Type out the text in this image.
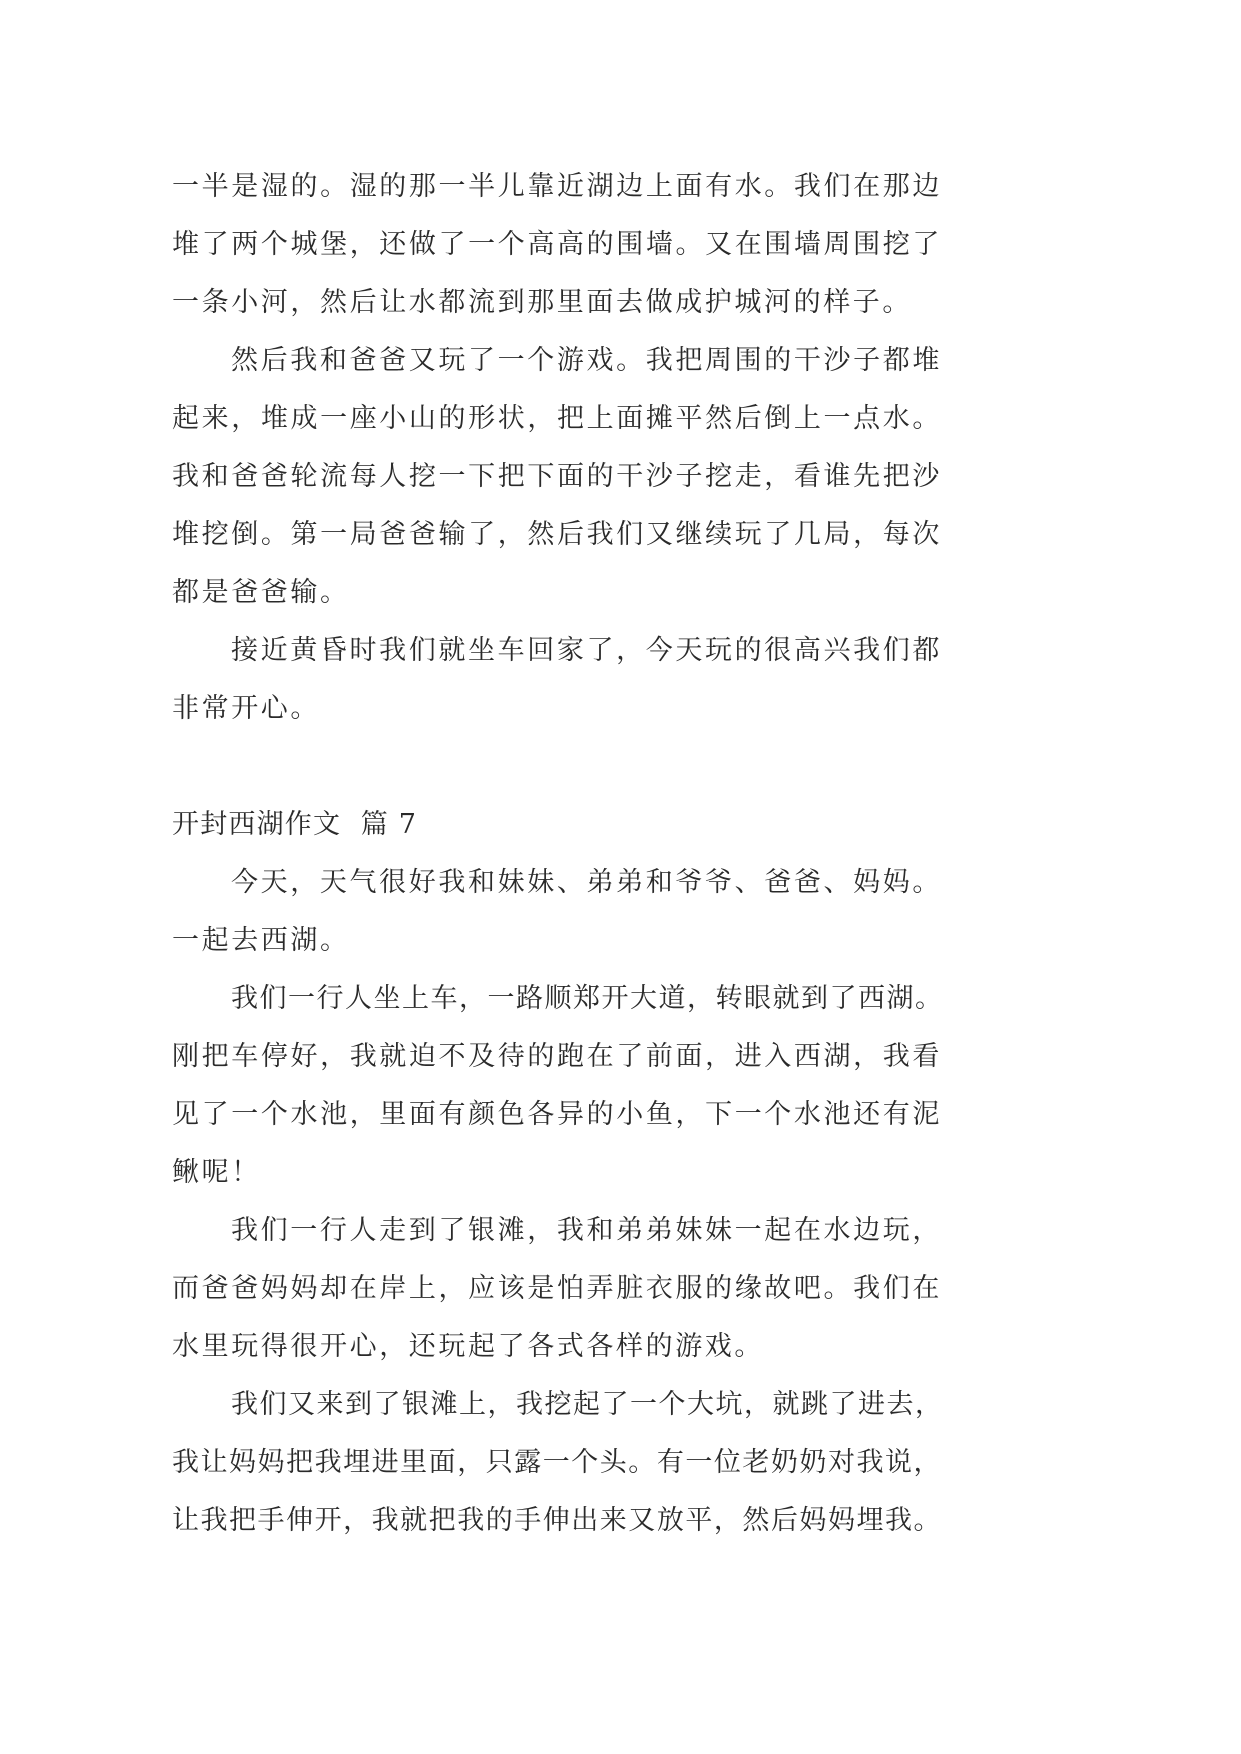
一半是湿的。湿的那一半儿靠近湖边上面有水。我们在那边
堆了两个城堡，还做了一个高高的围墙。又在围墙周围挖了
一条小河，然后让水都流到那里面去做成护城河的样子。
然后我和爸爸又玩了一个游戏。我把周围的干沙子都堆
起来，堆成一座小山的形状，把上面摊平然后倒上一点水。
我和爸爸轮流每人挖一下把下面的干沙子挖走，看谁先把沙
堆挖倒。第一局爸爸输了，然后我们又继续玩了几局，每次
都是爸爸输。
接近黄昏时我们就坐车回家了，今天玩的很高兴我们都
非常开心。
开封西湖作文  篇 7
今天，天气很好我和妹妹、弟弟和爷爷、爸爸、妈妈。
一起去西湖。
我们一行人坐上车，一路顺郑开大道，转眼就到了西湖。
刚把车停好，我就迫不及待的跑在了前面，进入西湖，我看
见了一个水池，里面有颜色各异的小鱼，下一个水池还有泥
鳅呢！
我们一行人走到了银滩，我和弟弟妹妹一起在水边玩，
而爸爸妈妈却在岸上，应该是怕弄脏衣服的缘故吧。我们在
水里玩得很开心，还玩起了各式各样的游戏。
我们又来到了银滩上，我挖起了一个大坑，就跳了进去，
我让妈妈把我埋进里面，只露一个头。有一位老奶奶对我说，
让我把手伸开，我就把我的手伸出来又放平，然后妈妈埋我。
